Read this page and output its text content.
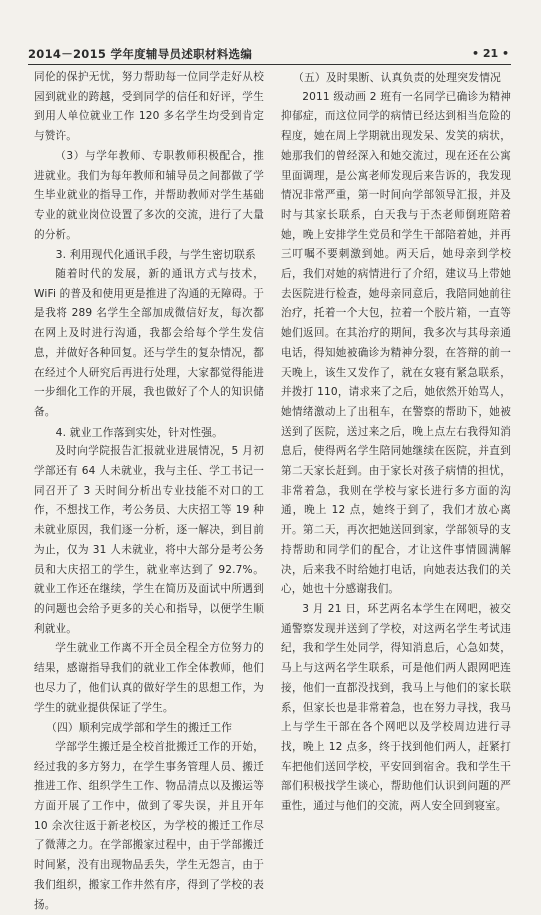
2014－2015 学年度辅导员述职材料选编	• 21 •

同伦的保护无忧，努力帮助每一位同学走好从校园到就业的跨越，受到同学的信任和好评，学生到用人单位就业工作 120 多名学生均受到肯定与赞许。

（3）与学年教师、专职教师积极配合，推进就业。我们为每年教师和辅导员之间都做了学生毕业就业的指导工作，并帮助教师对学生基础专业的就业岗位设置了多次的交流，进行了大量的分析。

3. 利用现代化通讯手段，与学生密切联系

随着时代的发展，新的通讯方式与技术，WiFi 的普及和使用更是推进了沟通的无障碍。于是我将 289 名学生全部加成微信好友，每次都在网上及时进行沟通，我都会给每个学生发信息，并做好各种回复。还与学生的复杂情况，都在经过个人研究后再进行处理，大家都觉得能进一步细化工作的开展，我也做好了个人的知识储备。

4. 就业工作落到实处，针对性强。

及时向学院报告汇报就业进展情况，5 月初学部还有 64 人未就业，我与主任、学工书记一同召开了 3 天时间分析出专业技能不对口的工作，不想找工作，考公务员、大庆招工等 19 种未就业原因，我们逐一分析，逐一解决，到目前为止，仅为 31 人未就业，将中大部分是考公务员和大庆招工的学生，就业率达到了 92.7%。就业工作还在继续，学生在简历及面试中所遇到的问题也会给予更多的关心和指导，以便学生顺利就业。

学生就业工作离不开全员全程全方位努力的结果，感谢指导我们的就业工作全体教师，他们也尽力了，他们认真的做好学生的思想工作，为学生的就业提供保证了学生。

（四）顺利完成学部和学生的搬迁工作

学部学生搬迁是全校首批搬迁工作的开始，经过我的多方努力，在学生事务管理人员、搬迁推进工作、组织学生工作、物品清点以及搬运等方面开展了工作中，做到了零失误，并且开年 10 余次往返于新老校区，为学校的搬迁工作尽了微薄之力。在学部搬家过程中，由于学部搬迁时间紧，没有出现物品丢失，学生无怨言，由于我们组织，搬家工作井然有序，得到了学校的表扬。

（五）及时果断、认真负责的处理突发情况

2011 级动画 2 班有一名同学已确诊为精神抑郁症，而这位同学的病情已经达到相当危险的程度，她在周上学期就出现发呆、发笑的病状，她那我们的曾经深入和她交流过，现在还在公寓里面调理，是公寓老师发现后来告诉的，我发现情况非常严重，第一时间向学部领导汇报，并及时与其家长联系，白天我与于杰老师倒班陪着她，晚上安排学生党员和学生干部陪着她，并再三叮嘱不要刺激到她。两天后，她母亲到学校后，我们对她的病情进行了介绍，建议马上带她去医院进行检查，她母亲同意后，我陪同她前往治疗，托着一个大包，拉着一个胶片箱，一直等她们返回。在其治疗的期间，我多次与其母亲通电话，得知她被确诊为精神分裂，在答辩的前一天晚上，该生又发作了，就在女寝有紧急联系，并拨打 110，请求来了之后，她依然开始骂人，她情绪激动上了出租车，在警察的帮助下，她被送到了医院，送过来之后，晚上点左右我得知消息后，使得两名学生陪同她继续在医院，并直到第二天家长赶到。由于家长对孩子病情的担忧，非常着急，我则在学校与家长进行多方面的沟通，晚上 12 点，她终于到了，我们才放心离开。第二天，再次把她送回到家，学部领导的支持帮助和同学们的配合，才让这件事情圆满解决，后来我不时给她打电话，向她表达我们的关心，她也十分感谢我们。

3 月 21 日，环艺两名本学生在网吧，被交通警察发现并送到了学校，对这两名学生考试违纪，我和学生处同学，得知消息后，心急如焚，马上与这两名学生联系，可是他们两人跟网吧连接，他们一直都没找到，我马上与他们的家长联系，但家长也是非常着急，也在努力寻找，我马上与学生干部在各个网吧以及学校周边进行寻找，晚上 12 点多，终于找到他们两人，赶紧打车把他们送回学校，平安回到宿舍。我和学生干部们积极找学生谈心，帮助他们认识到问题的严重性，通过与他们的交流，两人安全回到寝室。
